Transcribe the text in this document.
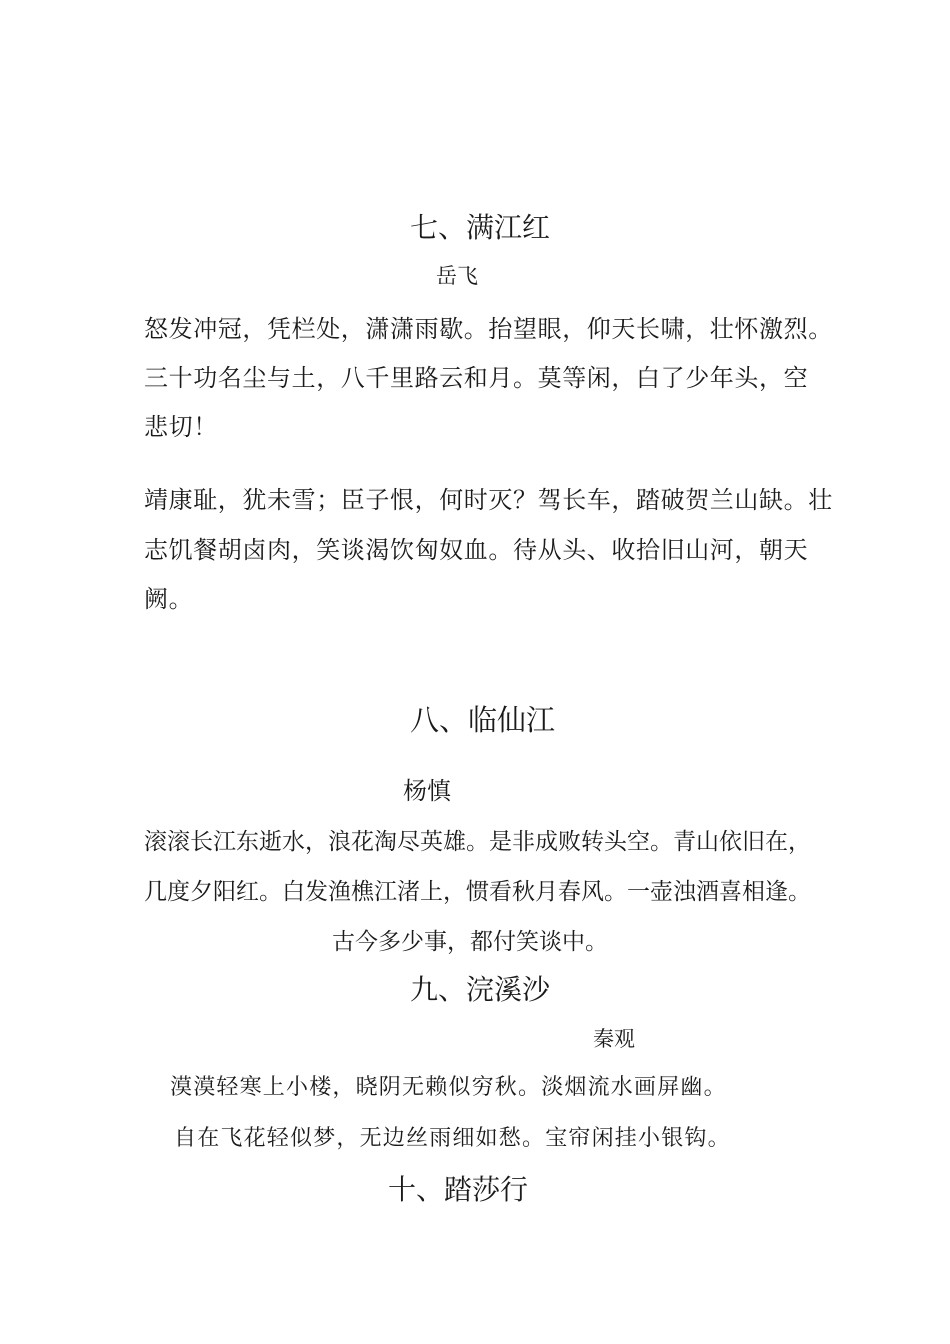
七、满江红
岳飞
怒发冲冠，凭栏处，潇潇雨歇。抬望眼，仰天长啸，壮怀激烈。
三十功名尘与土，八千里路云和月。莫等闲，白了少年头，空
悲切！
靖康耻，犹未雪；臣子恨，何时灭？驾长车，踏破贺兰山缺。壮
志饥餐胡卤肉，笑谈渴饮匈奴血。待从头、收拾旧山河，朝天
阙。
八、临仙江
杨慎
滚滚长江东逝水，浪花淘尽英雄。是非成败转头空。青山依旧在，
几度夕阳红。白发渔樵江渚上，惯看秋月春风。一壶浊酒喜相逢。
古今多少事，都付笑谈中。
九、浣溪沙
秦观
漠漠轻寒上小楼，晓阴无赖似穷秋。淡烟流水画屏幽。
自在飞花轻似梦，无边丝雨细如愁。宝帘闲挂小银钩。
十、踏莎行
